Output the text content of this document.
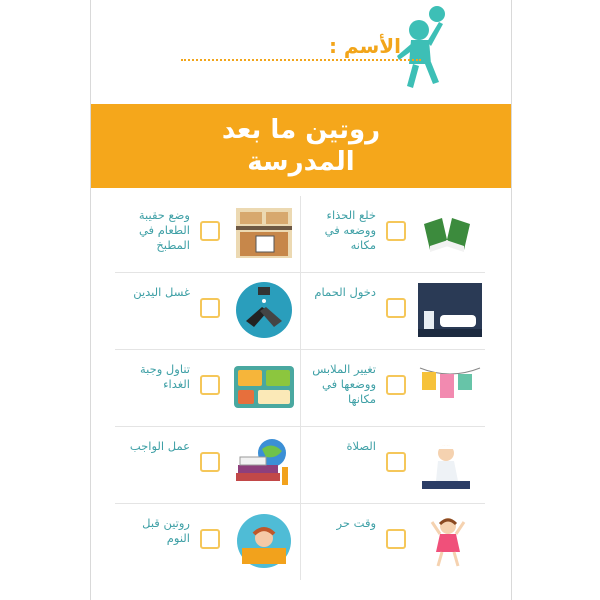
الأسم :
روتين ما بعد
المدرسة
وضع حقيبة الطعام في المطبخ
خلع الحذاء ووضعه في مكانه
غسل اليدين	دخول الحمام
تناول وجبة الغداء
تغيير الملابس ووضعها في مكانها
عمل الواجب	الصلاة
روتين قبل النوم
وقت حر
